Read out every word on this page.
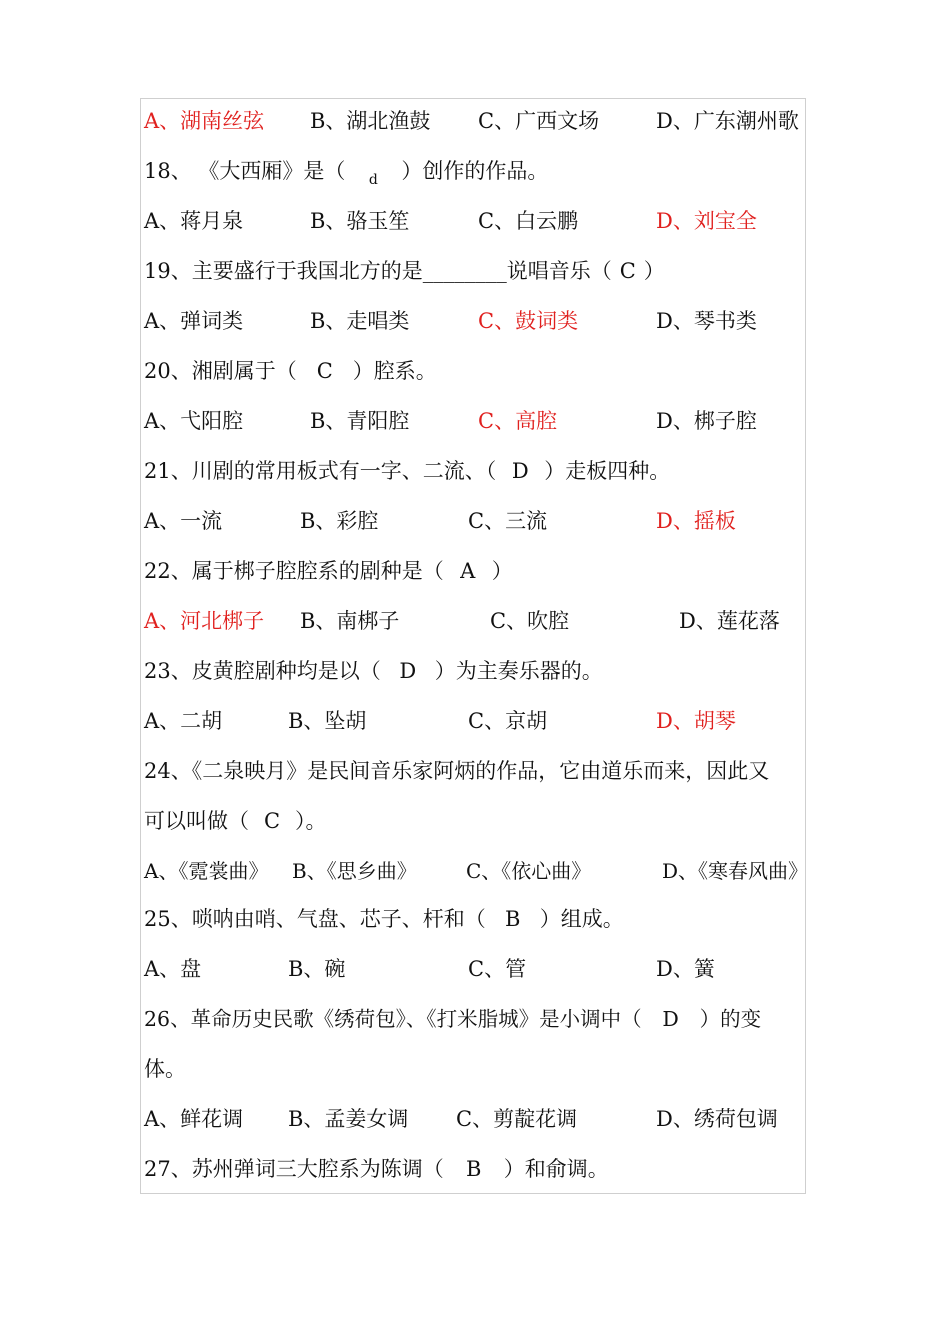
A、湖南丝弦 B、湖北渔鼓 C、广西文场	D、广东潮州歌
18、 《大西厢》是（ d ）创作的作品。
A、蒋月泉	B、骆玉笙	C、白云鹏	D、刘宝全
19、主要盛行于我国北方的是________说唱音乐（ C ）
A、弹词类	B、走唱类	C、鼓词类	D、琴书类
20、湘剧属于（ C ）腔系。
A、弋阳腔	B、青阳腔	C、高腔	D、梆子腔
21、川剧的常用板式有一字、二流、（ D ）走板四种。
A、一流	B、彩腔	C、三流	D、摇板
22、属于梆子腔腔系的剧种是（ A ）
A、河北梆子 B、南梆子	C、吹腔	D、莲花落
23、皮黄腔剧种均是以（ D ）为主奏乐器的。
A、二胡	B、坠胡	C、京胡	D、胡琴
24、《二泉映月》是民间音乐家阿炳的作品，它由道乐而来，因此又
可以叫做（ C ）。
A、《霓裳曲》 B、《思乡曲》 C、《依心曲》	D、《寒春风曲》
25、唢呐由哨、气盘、芯子、杆和（ B ）组成。
A、盘	B、碗	C、管	D、簧
26、革命历史民歌《绣荷包》、《打米脂城》是小调中（ D ）的变
体。
A、鲜花调 B、孟姜女调 C、剪靛花调	D、绣荷包调
27、苏州弹词三大腔系为陈调（ B ）和俞调。
